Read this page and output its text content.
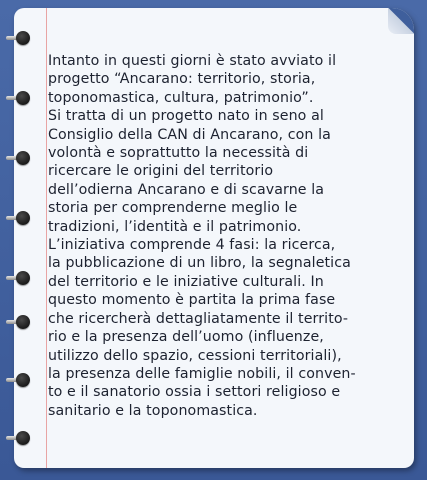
Intanto in questi giorni è stato avviato il
progetto “Ancarano: territorio, storia,
toponomastica, cultura, patrimonio”.
Si tratta di un progetto nato in seno al
Consiglio della CAN di Ancarano, con la
volontà e soprattutto la necessità di
ricercare le origini del territorio
dell’odierna Ancarano e di scavarne la
storia per comprenderne meglio le
tradizioni, l’identità e il patrimonio.
L’iniziativa comprende 4 fasi: la ricerca,
la pubblicazione di un libro, la segnaletica
del territorio e le iniziative culturali. In
questo momento è partita la prima fase
che ricercherà dettagliatamente il territo-
rio e la presenza dell’uomo (influenze,
utilizzo dello spazio, cessioni territoriali),
la presenza delle famiglie nobili, il conven-
to e il sanatorio ossia i settori religioso e
sanitario e la toponomastica.
